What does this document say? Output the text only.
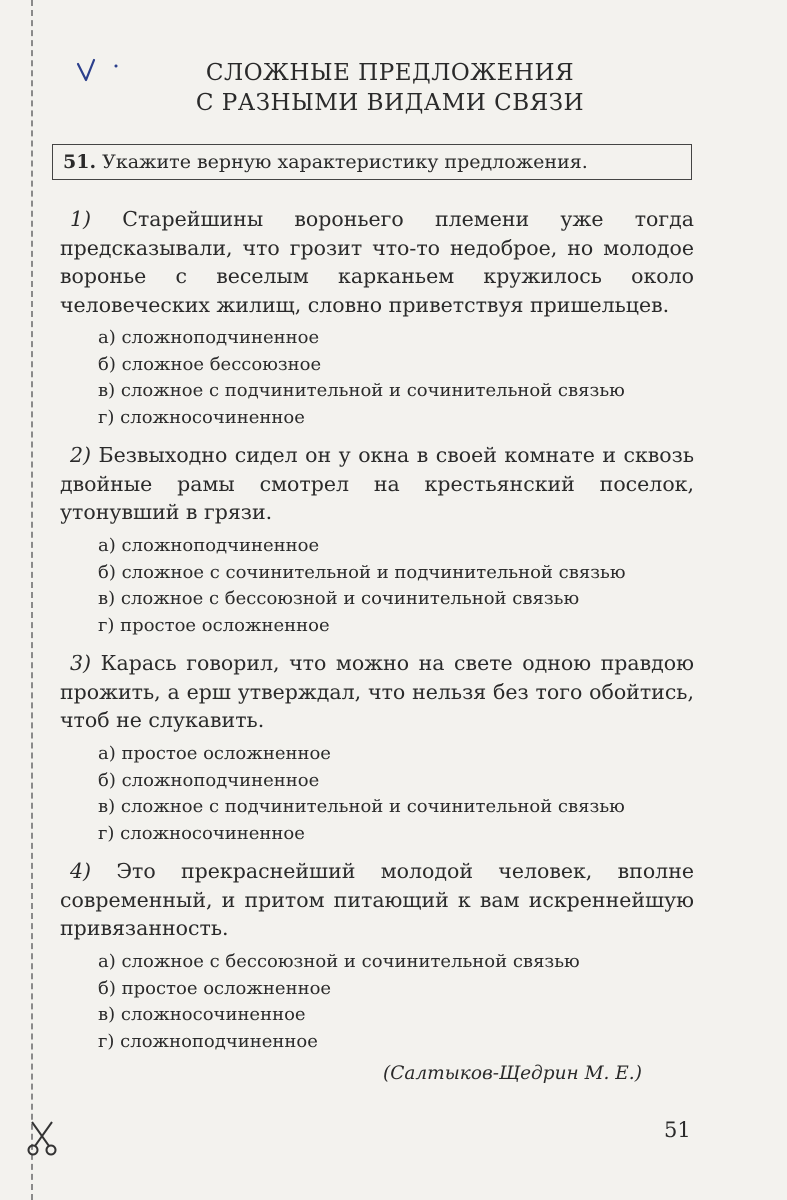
СЛОЖНЫЕ ПРЕДЛОЖЕНИЯ
С РАЗНЫМИ ВИДАМИ СВЯЗИ
51. Укажите верную характеристику предложения.
1) Старейшины вороньего племени уже тогда предсказывали, что грозит что-то недоброе, но молодое воронье с веселым карканьем кружилось около человеческих жилищ, словно приветствуя пришельцев.
а) сложноподчиненное
б) сложное бессоюзное
в) сложное с подчинительной и сочинительной связью
г) сложносочиненное
2) Безвыходно сидел он у окна в своей комнате и сквозь двойные рамы смотрел на крестьянский поселок, утонувший в грязи.
а) сложноподчиненное
б) сложное с сочинительной и подчинительной связью
в) сложное с бессоюзной и сочинительной связью
г) простое осложненное
3) Карась говорил, что можно на свете одною правдою прожить, а ерш утверждал, что нельзя без того обойтись, чтоб не слукавить.
а) простое осложненное
б) сложноподчиненное
в) сложное с подчинительной и сочинительной связью
г) сложносочиненное
4) Это прекраснейший молодой человек, вполне современный, и притом питающий к вам искреннейшую привязанность.
а) сложное с бессоюзной и сочинительной связью
б) простое осложненное
в) сложносочиненное
г) сложноподчиненное
(Салтыков-Щедрин М. Е.)
51
